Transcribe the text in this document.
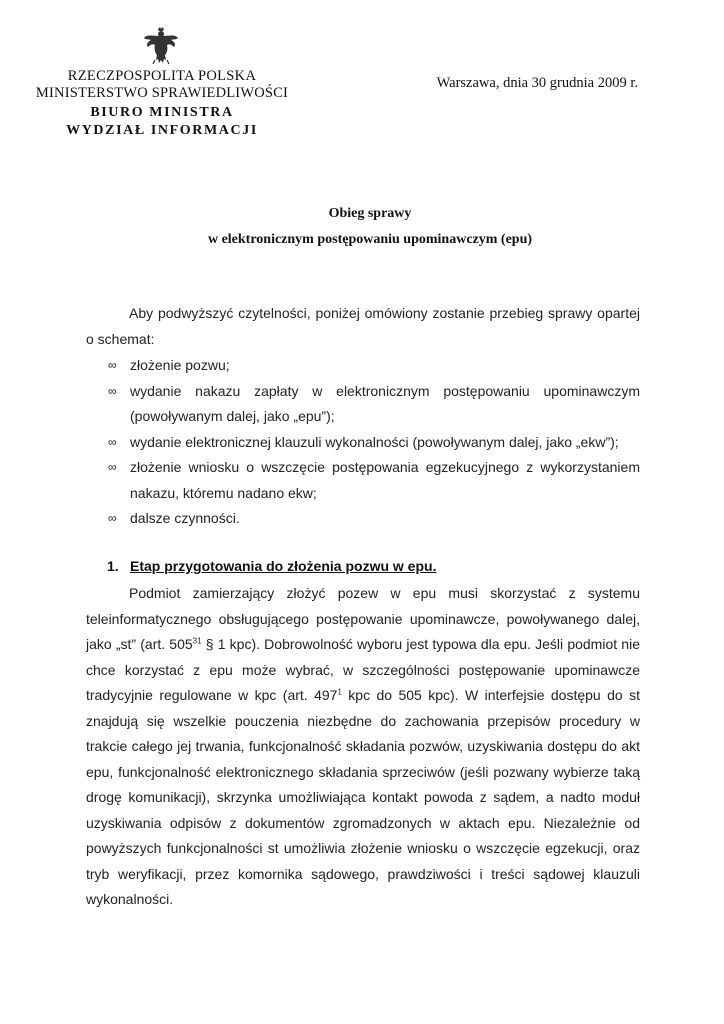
RZECZPOSPOLITA POLSKA
MINISTERSTWO SPRAWIEDLIWOŚCI
BIURO MINISTRA
WYDZIAŁ INFORMACJI
Warszawa, dnia 30 grudnia 2009 r.
Obieg sprawy
w elektronicznym postępowaniu upominawczym (epu)

Aby podwyższyć czytelności, poniżej omówiony zostanie przebieg sprawy opartej o schemat:

∞ złożenie pozwu;
∞ wydanie nakazu zapłaty w elektronicznym postępowaniu upominawczym (powoływanym dalej, jako „epu”);
∞ wydanie elektronicznej klauzuli wykonalności (powoływanym dalej, jako „ekw”);
∞ złożenie wniosku o wszczęcie postępowania egzekucyjnego z wykorzystaniem nakazu, któremu nadano ekw;
∞ dalsze czynności.
1. Etap przygotowania do złożenia pozwu w epu.

Podmiot zamierzający złożyć pozew w epu musi skorzystać z systemu teleinformatycznego obsługującego postępowanie upominawcze, powoływanego dalej, jako „st” (art. $505^{31}$ § 1 kpc). Dobrowolność wyboru jest typowa dla epu. Jeśli podmiot nie chce korzystać z epu może wybrać, w szczególności postępowanie upominawcze tradycyjnie regulowane w kpc (art. $497^1$ kpc do 505 kpc). W interfejsie dostępu do st znajdują się wszelkie pouczenia niezbędne do zachowania przepisów procedury w trakcie całego jej trwania, funkcjonalność składania pozwów, uzyskiwania dostępu do akt epu, funkcjonalność elektronicznego składania sprzeciwów (jeśli pozwany wybierze taką drogę komunikacji), skrzynka umożliwiająca kontakt powoda z sądem, a nadto moduł uzyskiwania odpisów z dokumentów zgromadzonych w aktach epu. Niezależnie od powyższych funkcjonalności st umożliwia złożenie wniosku o wszczęcie egzekucji, oraz tryb weryfikacji, przez komornika sądowego, prawdziwości i treści sądowej klauzuli wykonalności.
